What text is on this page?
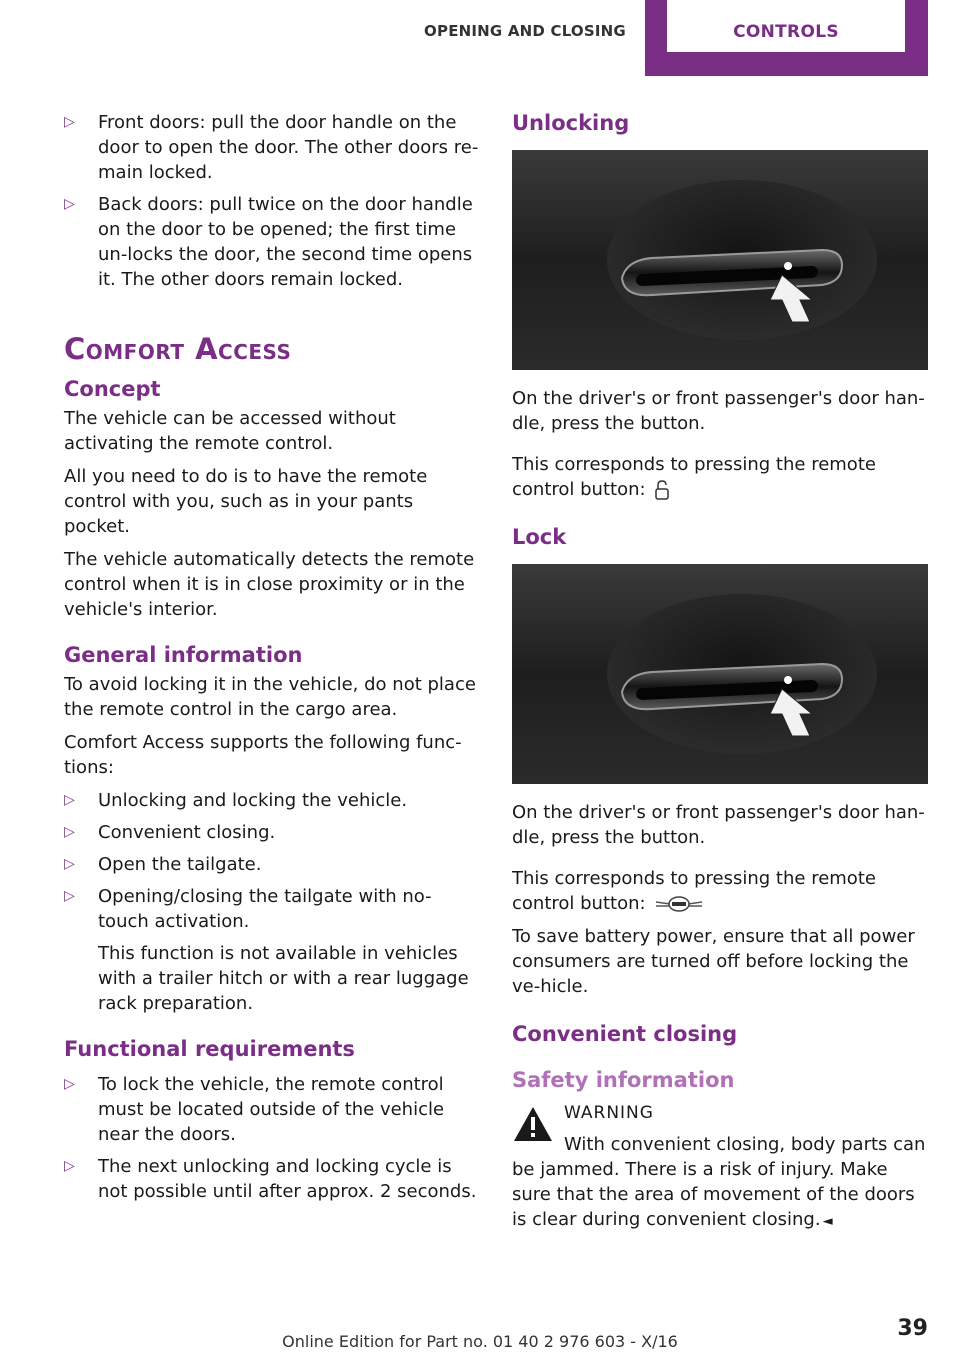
OPENING AND CLOSING	CONTROLS
▷ Front doors: pull the door handle on the door to open the door. The other doors re‐main locked.
▷ Back doors: pull twice on the door handle on the door to be opened; the first time un‐locks the door, the second time opens it. The other doors remain locked.
Comfort Access
Concept

The vehicle can be accessed without activating the remote control.

All you need to do is to have the remote control with you, such as in your pants pocket.

The vehicle automatically detects the remote control when it is in close proximity or in the vehicle's interior.

General information

To avoid locking it in the vehicle, do not place the remote control in the cargo area.

Comfort Access supports the following func‐tions:

▷ Unlocking and locking the vehicle.
▷ Convenient closing.
▷ Open the tailgate.
▷ Opening/closing the tailgate with no-touch activation.
This function is not available in vehicles with a trailer hitch or with a rear luggage rack preparation.
Functional requirements
▷ To lock the vehicle, the remote control must be located outside of the vehicle near the doors.
▷ The next unlocking and locking cycle is not possible until after approx. 2 seconds.
Unlocking

On the driver's or front passenger's door han‐dle, press the button.

This corresponds to pressing the remote control button:

Lock

On the driver's or front passenger's door han‐dle, press the button.

This corresponds to pressing the remote control button:

To save battery power, ensure that all power consumers are turned off before locking the ve‐hicle.

Convenient closing
Safety information
WARNING

With convenient closing, body parts can

be jammed. There is a risk of injury. Make sure that the area of movement of the doors is clear during convenient closing. ◄

Online Edition for Part no. 01 40 2 976 603 - X/16
39
